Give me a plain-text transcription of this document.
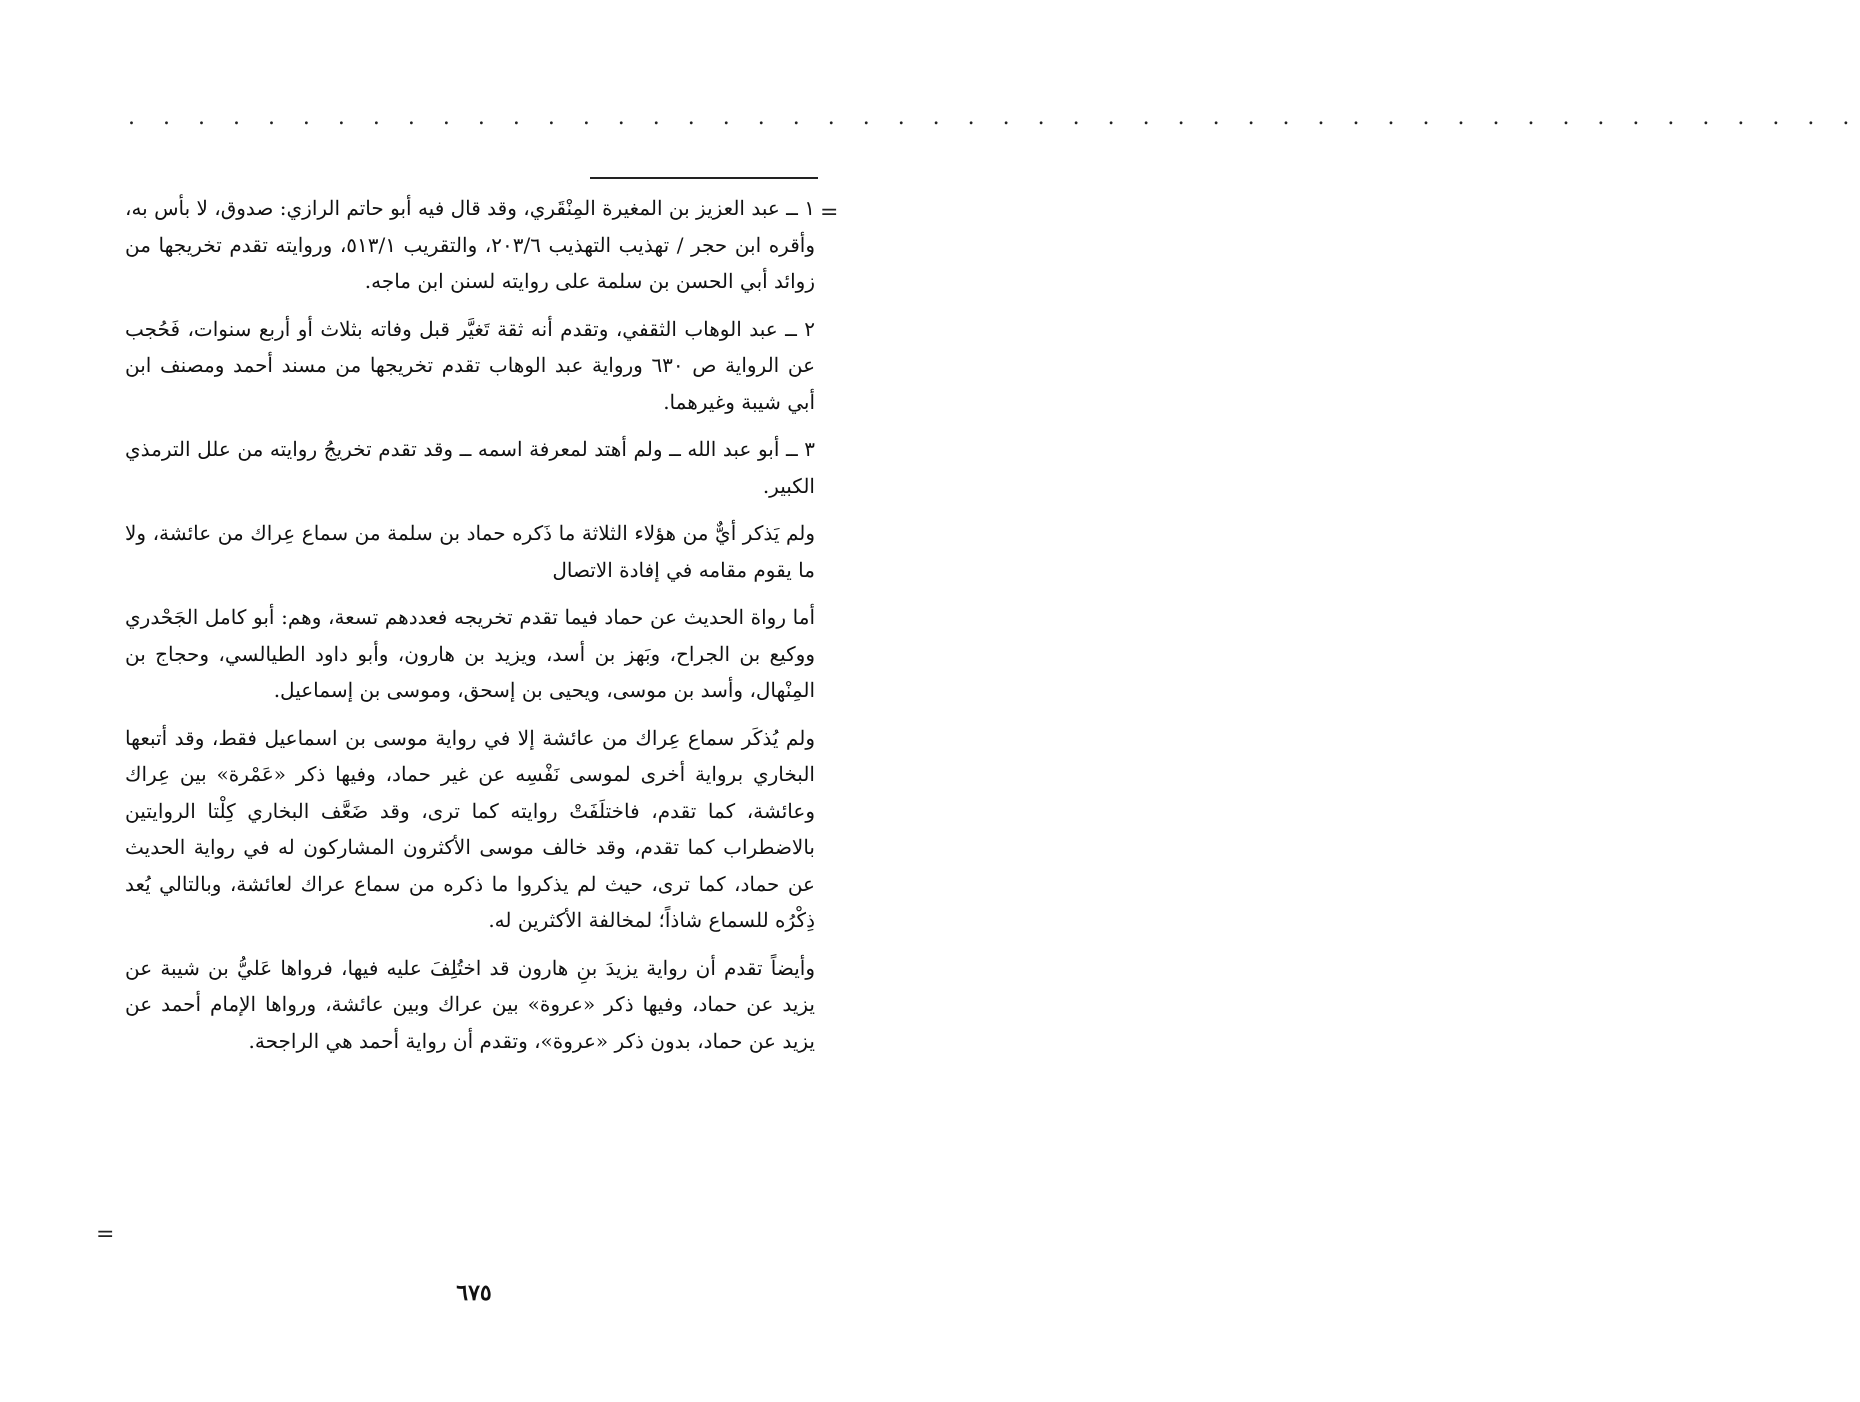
. . . . . . . . . . . . . . . . . . . . . . . . . . . . . . . . . . . . . . . . . . . . . . . . . .
=

١ ــ عبد العزيز بن المغيرة المِنْقَري، وقد قال فيه أبو حاتم الرازي: صدوق، لا بأس به، وأقره ابن حجر / تهذيب التهذيب ٢٠٣/٦، والتقريب ٥١٣/١، وروايته تقدم تخريجها من زوائد أبي الحسن بن سلمة على روايته لسنن ابن ماجه.

٢ ــ عبد الوهاب الثقفي، وتقدم أنه ثقة تَغيَّر قبل وفاته بثلاث أو أربع سنوات، فَحُجب عن الرواية ص ٦٣٠ ورواية عبد الوهاب تقدم تخريجها من مسند أحمد ومصنف ابن أبي شيبة وغيرهما.

٣ ــ أبو عبد الله ــ ولم أهتد لمعرفة اسمه ــ وقد تقدم تخريجُ روايته من علل الترمذي الكبير.

ولم يَذكر أيٌّ من هؤلاء الثلاثة ما ذَكره حماد بن سلمة من سماع عِراك من عائشة، ولا ما يقوم مقامه في إفادة الاتصال

أما رواة الحديث عن حماد فيما تقدم تخريجه فعددهم تسعة، وهم: أبو كامل الجَحْدري ووكيع بن الجراح، وبَهز بن أسد، ويزيد بن هارون، وأبو داود الطيالسي، وحجاج بن المِنْهال، وأسد بن موسى، ويحيى بن إسحق، وموسى بن إسماعيل.

ولم يُذكَر سماع عِراك من عائشة إلا في رواية موسى بن اسماعيل فقط، وقد أتبعها البخاري برواية أخرى لموسى نَفْسِه عن غير حماد، وفيها ذكر «عَمْرة» بين عِراك وعائشة، كما تقدم، فاختلَفَتْ روايته كما ترى، وقد ضَعَّف البخاري كِلْتا الروايتين بالاضطراب كما تقدم، وقد خالف موسى الأكثرون المشاركون له في رواية الحديث عن حماد، كما ترى، حيث لم يذكروا ما ذكره من سماع عراك لعائشة، وبالتالي يُعد ذِكْرُه للسماع شاذاً؛ لمخالفة الأكثرين له.

وأيضاً تقدم أن رواية يزيدَ بنِ هارون قد اختُلِفَ عليه فيها، فرواها عَليُّ بن شيبة عن يزيد عن حماد، وفيها ذكر «عروة» بين عراك وبين عائشة، ورواها الإمام أحمد عن يزيد عن حماد، بدون ذكر «عروة»، وتقدم أن رواية أحمد هي الراجحة.

=
٦٧٥
